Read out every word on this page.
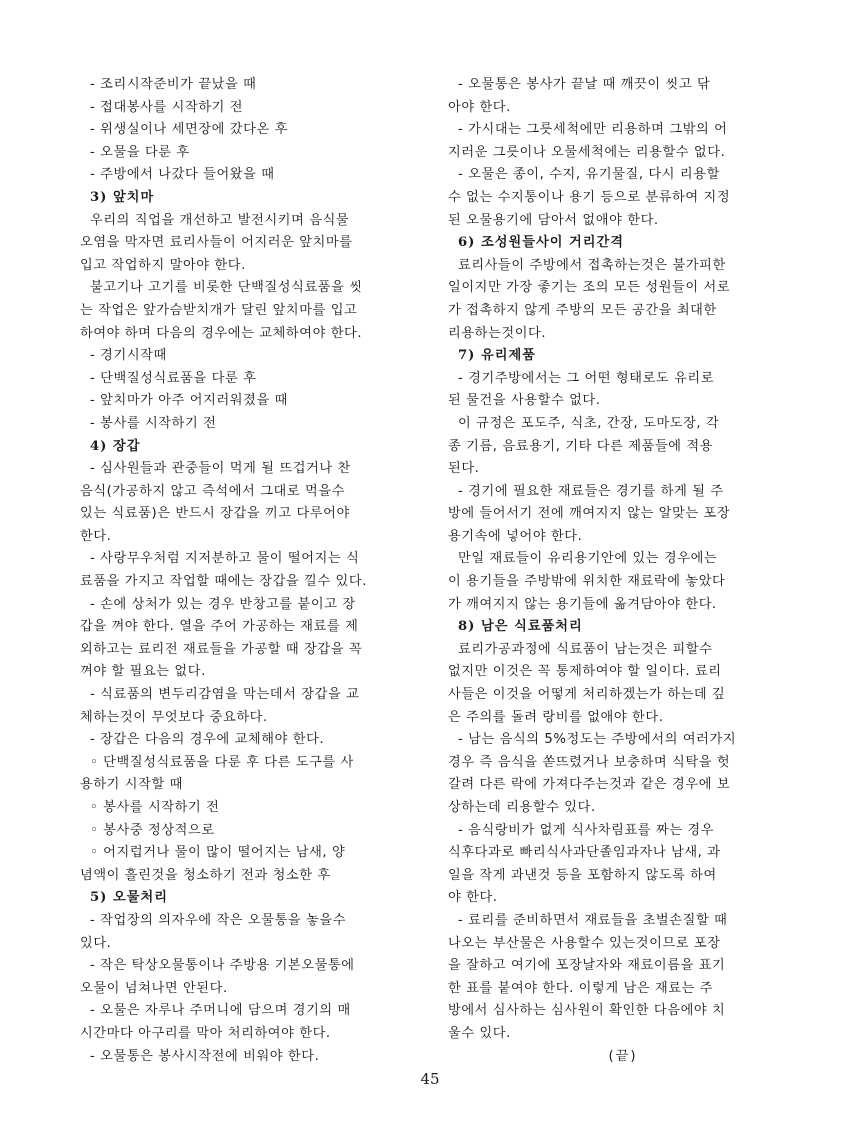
- 조리시작준비가 끝났을 때
- 접대봉사를 시작하기 전
- 위생실이나 세면장에 갔다온 후
- 오물을 다룬 후
- 주방에서 나갔다 들어왔을 때
3) 앞치마
우리의 직업을 개선하고 발전시키며 음식물
오염을 막자면 료리사들이 어지러운 앞치마를
입고 작업하지 말아야 한다.
불고기나 고기를 비롯한 단백질성식료품을 씻
는 작업은 앞가슴받치개가 달린 앞치마를 입고
하여야 하며 다음의 경우에는 교체하여야 한다.
- 경기시작때
- 단백질성식료품을 다룬 후
- 앞치마가 아주 어지러워졌을 때
- 봉사를 시작하기 전
4) 장갑
- 심사원들과 관중들이 먹게 될 뜨겁거나 찬
음식(가공하지 않고 즉석에서 그대로 먹을수
있는 식료품)은 반드시 장갑을 끼고 다루어야
한다.
- 사랑무우처럼 지저분하고 물이 떨어지는 식
료품을 가지고 작업할 때에는 장갑을 낄수 있다.
- 손에 상처가 있는 경우 반창고를 붙이고 장
갑을 껴야 한다. 열을 주어 가공하는 재료를 제
외하고는 료리전 재료들을 가공할 때 장갑을 꼭
껴야 할 필요는 없다.
- 식료품의 변두리감염을 막는데서 장갑을 교
체하는것이 무엇보다 중요하다.
- 장갑은 다음의 경우에 교체해야 한다.
◦ 단백질성식료품을 다룬 후 다른 도구를 사
용하기 시작할 때
◦ 봉사를 시작하기 전
◦ 봉사중 정상적으로
◦ 어지럽거나 물이 많이 떨어지는 남새, 양
념액이 흘린것을 청소하기 전과 청소한 후
5) 오물처리
- 작업장의 의자우에 작은 오물통을 놓을수
있다.
- 작은 탁상오물통이나 주방용 기본오물통에
오물이 넘쳐나면 안된다.
- 오물은 자루나 주머니에 담으며 경기의 매
시간마다 아구리를 막아 처리하여야 한다.
- 오물통은 봉사시작전에 비워야 한다.
- 오물통은 봉사가 끝날 때 깨끗이 씻고 닦
아야 한다.
- 가시대는 그릇세척에만 리용하며 그밖의 어
지러운 그릇이나 오물세척에는 리용할수 없다.
- 오물은 종이, 수지, 유기물질, 다시 리용할
수 없는 수지통이나 용기 등으로 분류하여 지정
된 오물용기에 담아서 없애야 한다.
6) 조성원들사이 거리간격
료리사들이 주방에서 접촉하는것은 불가피한
일이지만 가장 좋기는 조의 모든 성원들이 서로
가 접촉하지 않게 주방의 모든 공간을 최대한
리용하는것이다.
7) 유리제품
- 경기주방에서는 그 어떤 형태로도 유리로
된 물건을 사용할수 없다.
이 규정은 포도주, 식초, 간장, 도마도장, 각
종 기름, 음료용기, 기타 다른 제품들에 적용
된다.
- 경기에 필요한 재료들은 경기를 하게 될 주
방에 들어서기 전에 깨여지지 않는 알맞는 포장
용기속에 넣어야 한다.
만일 재료들이 유리용기안에 있는 경우에는
이 용기들을 주방밖에 위치한 재료락에 놓았다
가 깨여지지 않는 용기들에 옮겨담아야 한다.
8) 남은 식료품처리
료리가공과정에 식료품이 남는것은 피할수
없지만 이것은 꼭 통제하여야 할 일이다. 료리
사들은 이것을 어떻게 처리하겠는가 하는데 깊
은 주의를 돌려 랑비를 없애야 한다.
- 남는 음식의 5%정도는 주방에서의 여러가지
경우 즉 음식을 쏟뜨렸거나 보충하며 식탁을 헛
갈려 다른 락에 가져다주는것과 같은 경우에 보
상하는데 리용할수 있다.
- 음식랑비가 없게 식사차림표를 짜는 경우
식후다과로 빠리식사과단졸임과자나 남새, 과
일을 작게 과낸것 등을 포함하지 않도록 하여
야 한다.
- 료리를 준비하면서 재료들을 초벌손질할 때
나오는 부산물은 사용할수 있는것이므로 포장
을 잘하고 여기에 포장날자와 재료이름을 표기
한 표를 붙여야 한다. 이렇게 남은 재료는 주
방에서 심사하는 심사원이 확인한 다음에야 치
울수 있다.
(끝)
45
